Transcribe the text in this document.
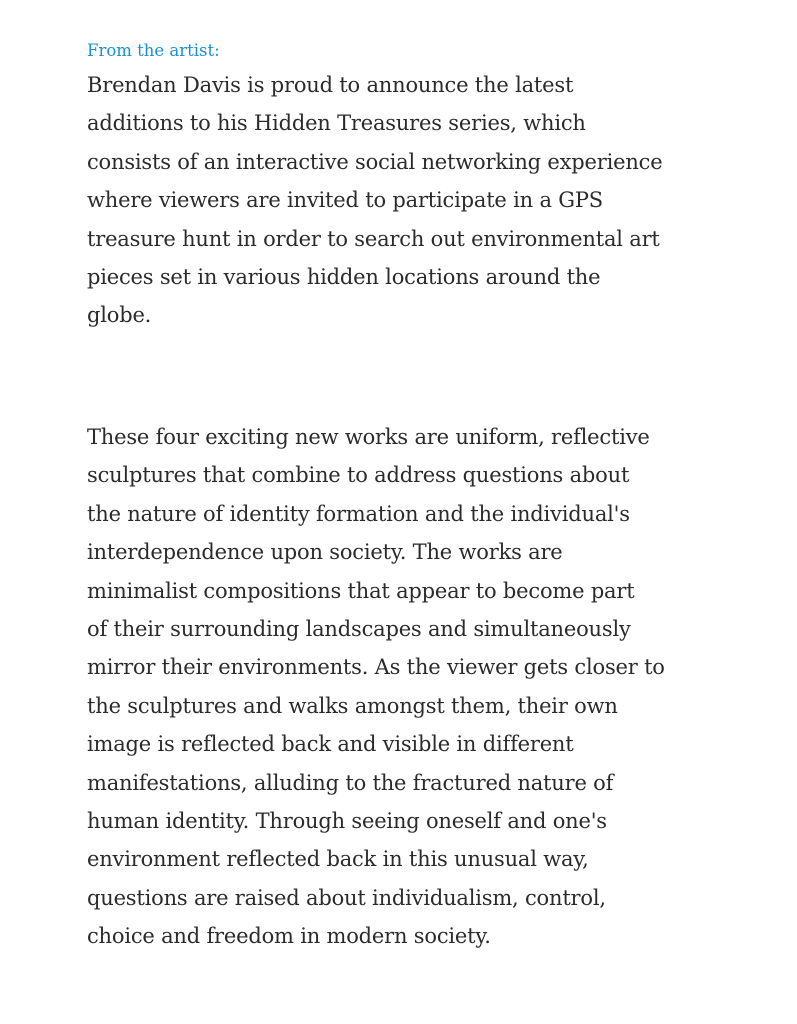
From the artist:

Brendan Davis is proud to announce the latest
additions to his Hidden Treasures series, which
consists of an interactive social networking experience
where viewers are invited to participate in a GPS
treasure hunt in order to search out environmental art
pieces set in various hidden locations around the
globe.

These four exciting new works are uniform, reflective
sculptures that combine to address questions about
the nature of identity formation and the individual's
interdependence upon society. The works are
minimalist compositions that appear to become part
of their surrounding landscapes and simultaneously
mirror their environments. As the viewer gets closer to
the sculptures and walks amongst them, their own
image is reflected back and visible in different
manifestations, alluding to the fractured nature of
human identity. Through seeing oneself and one's
environment reflected back in this unusual way,
questions are raised about individualism, control,
choice and freedom in modern society.
